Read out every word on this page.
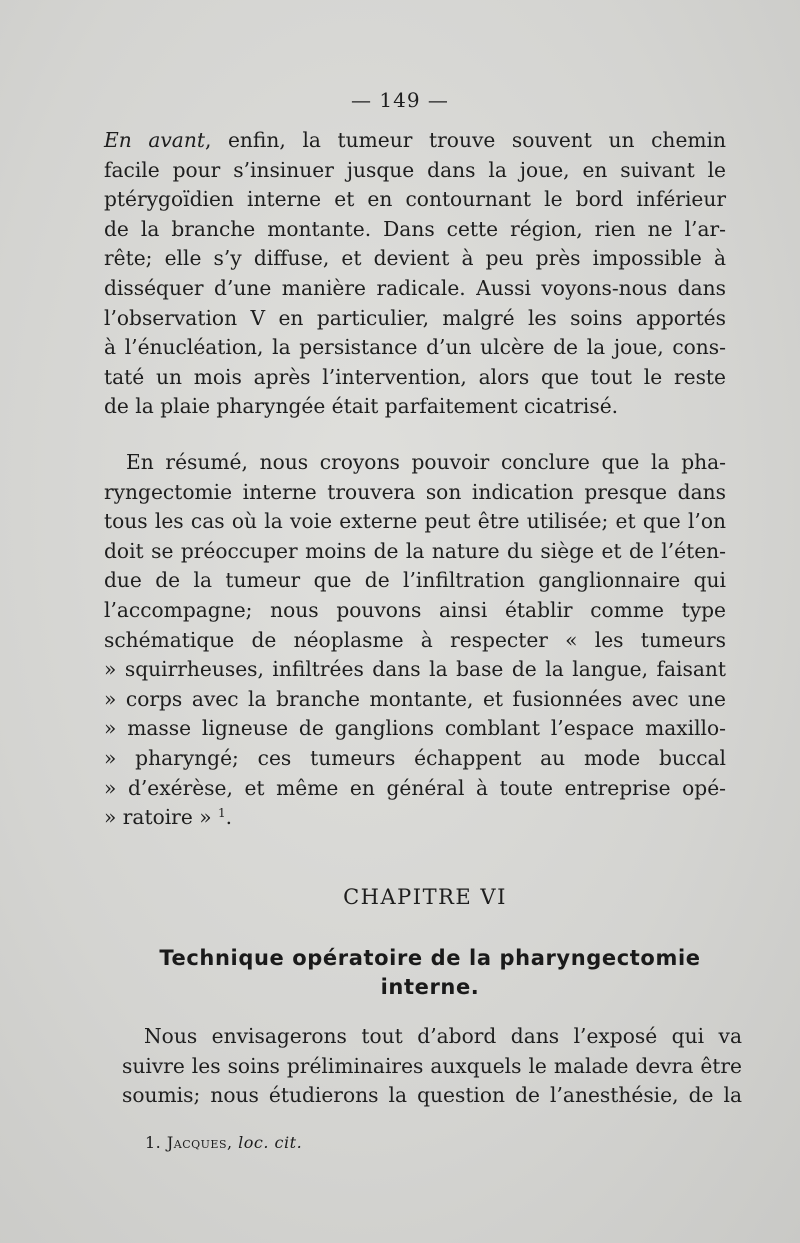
— 149 —
En avant, enfin, la tumeur trouve souvent un chemin
facile pour s’insinuer jusque dans la joue, en suivant le
ptérygoïdien interne et en contournant le bord inférieur
de la branche montante. Dans cette région, rien ne l’ar-
rête; elle s’y diffuse, et devient à peu près impossible à
disséquer d’une manière radicale. Aussi voyons-nous dans
l’observation V en particulier, malgré les soins apportés
à l’énucléation, la persistance d’un ulcère de la joue, cons-
taté un mois après l’intervention, alors que tout le reste
de la plaie pharyngée était parfaitement cicatrisé.
En résumé, nous croyons pouvoir conclure que la pha-
ryngectomie interne trouvera son indication presque dans
tous les cas où la voie externe peut être utilisée; et que l’on
doit se préoccuper moins de la nature du siège et de l’éten-
due de la tumeur que de l’infiltration ganglionnaire qui
l’accompagne; nous pouvons ainsi établir comme type
schématique de néoplasme à respecter « les tumeurs
» squirrheuses, infiltrées dans la base de la langue, faisant
» corps avec la branche montante, et fusionnées avec une
» masse ligneuse de ganglions comblant l’espace maxillo-
» pharyngé; ces tumeurs échappent au mode buccal
» d’exérèse, et même en général à toute entreprise opé-
» ratoire » $^1$.
CHAPITRE VI
Technique opératoire de la pharyngectomie
interne.
Nous envisagerons tout d’abord dans l’exposé qui va
suivre les soins préliminaires auxquels le malade devra être
soumis; nous étudierons la question de l’anesthésie, de la
1. Jacques, loc. cit.
